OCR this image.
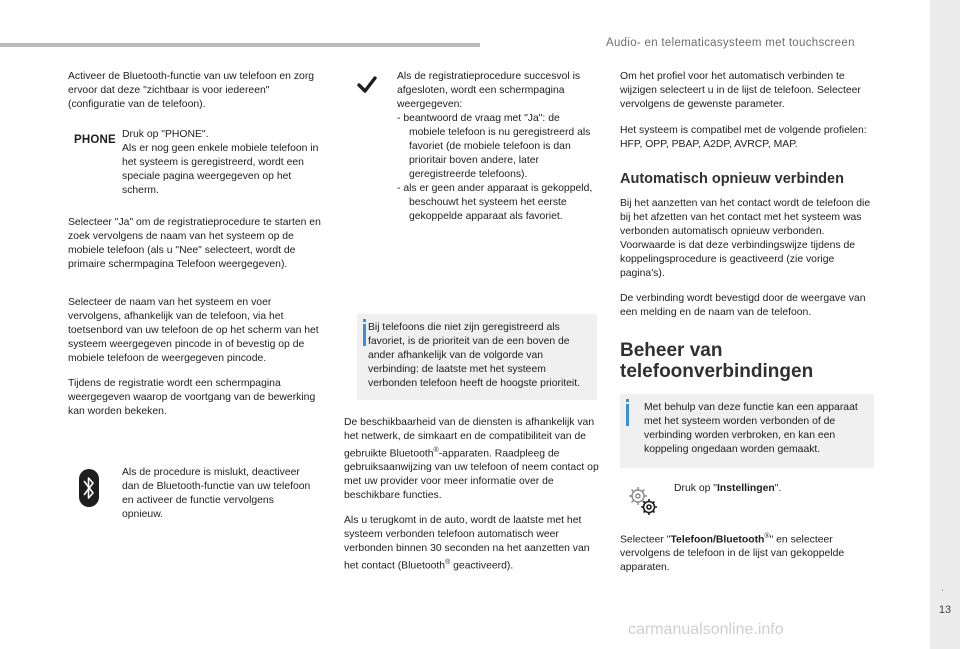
Audio- en telematicasysteem met touchscreen
.
13

Activeer de Bluetooth-functie van uw telefoon en zorg ervoor dat deze "zichtbaar is voor iedereen" (configuratie van de telefoon).

PHONE Druk op "PHONE".
Als er nog geen enkele mobiele telefoon in het systeem is geregistreerd, wordt een speciale pagina weergegeven op het scherm.

Selecteer "Ja" om de registratieprocedure te starten en zoek vervolgens de naam van het systeem op de mobiele telefoon (als u "Nee" selecteert, wordt de primaire schermpagina Telefoon weergegeven).

Selecteer de naam van het systeem en voer vervolgens, afhankelijk van de telefoon, via het toetsenbord van uw telefoon de op het scherm van het systeem weergegeven pincode in of bevestig op de mobiele telefoon de weergegeven pincode.

Tijdens de registratie wordt een schermpagina weergegeven waarop de voortgang van de bewerking kan worden bekeken.

Als de procedure is mislukt, deactiveer dan de Bluetooth-functie van uw telefoon en activeer de functie vervolgens opnieuw.

Als de registratieprocedure succesvol is afgesloten, wordt een schermpagina weergegeven:
- beantwoord de vraag met "Ja": de mobiele telefoon is nu geregistreerd als favoriet (de mobiele telefoon is dan prioritair boven andere, later geregistreerde telefoons).
- als er geen ander apparaat is gekoppeld, beschouwt het systeem het eerste gekoppelde apparaat als favoriet.

Bij telefoons die niet zijn geregistreerd als favoriet, is de prioriteit van de een boven de ander afhankelijk van de volgorde van verbinding: de laatste met het systeem verbonden telefoon heeft de hoogste prioriteit.

De beschikbaarheid van de diensten is afhankelijk van het netwerk, de simkaart en de compatibiliteit van de gebruikte Bluetooth®-apparaten. Raadpleeg de gebruiksaanwijzing van uw telefoon of neem contact op met uw provider voor meer informatie over de beschikbare functies.

Als u terugkomt in de auto, wordt de laatste met het systeem verbonden telefoon automatisch weer verbonden binnen 30 seconden na het aanzetten van het contact (Bluetooth® geactiveerd).

Om het profiel voor het automatisch verbinden te wijzigen selecteert u in de lijst de telefoon. Selecteer vervolgens de gewenste parameter.

Het systeem is compatibel met de volgende profielen: HFP, OPP, PBAP, A2DP, AVRCP, MAP.

Automatisch opnieuw verbinden

Bij het aanzetten van het contact wordt de telefoon die bij het afzetten van het contact met het systeem was verbonden automatisch opnieuw verbonden.
Voorwaarde is dat deze verbindingswijze tijdens de koppelingsprocedure is geactiveerd (zie vorige pagina's).

De verbinding wordt bevestigd door de weergave van een melding en de naam van de telefoon.

Beheer van telefoonverbindingen

Met behulp van deze functie kan een apparaat met het systeem worden verbonden of de verbinding worden verbroken, en kan een koppeling ongedaan worden gemaakt.

Druk op "Instellingen".

Selecteer "Telefoon/Bluetooth®" en selecteer vervolgens de telefoon in de lijst van gekoppelde apparaten.

carmanualsonline.info
